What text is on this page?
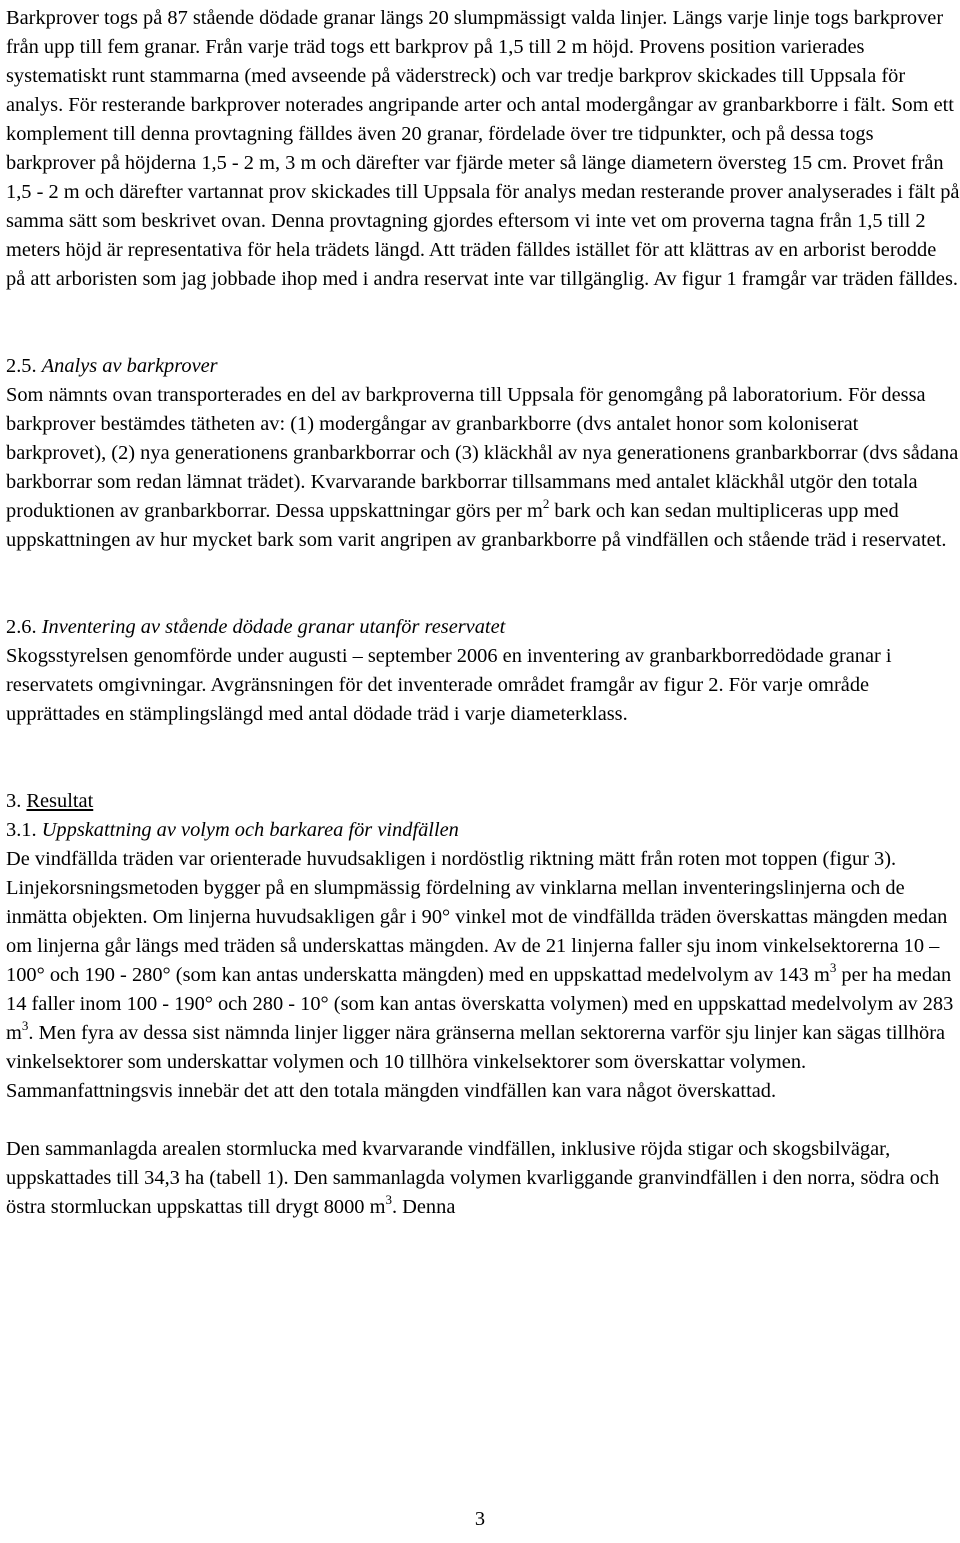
Barkprover togs på 87 stående dödade granar längs 20 slumpmässigt valda linjer. Längs varje linje togs barkprover från upp till fem granar. Från varje träd togs ett barkprov på 1,5 till 2 m höjd. Provens position varierades systematiskt runt stammarna (med avseende på väderstreck) och var tredje barkprov skickades till Uppsala för analys. För resterande barkprover noterades angripande arter och antal modergångar av granbarkborre i fält. Som ett komplement till denna provtagning fälldes även 20 granar, fördelade över tre tidpunkter, och på dessa togs barkprover på höjderna 1,5 - 2 m, 3 m och därefter var fjärde meter så länge diametern översteg 15 cm. Provet från 1,5 - 2 m och därefter vartannat prov skickades till Uppsala för analys medan resterande prover analyserades i fält på samma sätt som beskrivet ovan. Denna provtagning gjordes eftersom vi inte vet om proverna tagna från 1,5 till 2 meters höjd är representativa för hela trädets längd. Att träden fälldes istället för att klättras av en arborist berodde på att arboristen som jag jobbade ihop med i andra reservat inte var tillgänglig. Av figur 1 framgår var träden fälldes.

2.5. Analys av barkprover

Som nämnts ovan transporterades en del av barkproverna till Uppsala för genomgång på laboratorium. För dessa barkprover bestämdes tätheten av: (1) modergångar av granbarkborre (dvs antalet honor som koloniserat barkprovet), (2) nya generationens granbarkborrar och (3) kläckhål av nya generationens granbarkborrar (dvs sådana barkborrar som redan lämnat trädet). Kvarvarande barkborrar tillsammans med antalet kläckhål utgör den totala produktionen av granbarkborrar. Dessa uppskattningar görs per $m^2$ bark och kan sedan multipliceras upp med uppskattningen av hur mycket bark som varit angripen av granbarkborre på vindfällen och stående träd i reservatet.

2.6. Inventering av stående dödade granar utanför reservatet

Skogsstyrelsen genomförde under augusti – september 2006 en inventering av granbarkborredödade granar i reservatets omgivningar. Avgränsningen för det inventerade området framgår av figur 2. För varje område upprättades en stämplingslängd med antal dödade träd i varje diameterklass.

3. Resultat

3.1. Uppskattning av volym och barkarea för vindfällen

De vindfällda träden var orienterade huvudsakligen i nordöstlig riktning mätt från roten mot toppen (figur 3). Linjekorsningsmetoden bygger på en slumpmässig fördelning av vinklarna mellan inventeringslinjerna och de inmätta objekten. Om linjerna huvudsakligen går i 90° vinkel mot de vindfällda träden överskattas mängden medan om linjerna går längs med träden så underskattas mängden. Av de 21 linjerna faller sju inom vinkelsektorerna 10 – 100° och 190 - 280° (som kan antas underskatta mängden) med en uppskattad medelvolym av 143 $m^3$ per ha medan 14 faller inom 100 - 190° och 280 - 10° (som kan antas överskatta volymen) med en uppskattad medelvolym av 283 $m^3$. Men fyra av dessa sist nämnda linjer ligger nära gränserna mellan sektorerna varför sju linjer kan sägas tillhöra vinkelsektorer som underskattar volymen och 10 tillhöra vinkelsektorer som överskattar volymen. Sammanfattningsvis innebär det att den totala mängden vindfällen kan vara något överskattad.

Den sammanlagda arealen stormlucka med kvarvarande vindfällen, inklusive röjda stigar och skogsbilvägar, uppskattades till 34,3 ha (tabell 1). Den sammanlagda volymen kvarliggande granvindfällen i den norra, södra och östra stormluckan uppskattas till drygt 8000 $m^3$. Denna

3
